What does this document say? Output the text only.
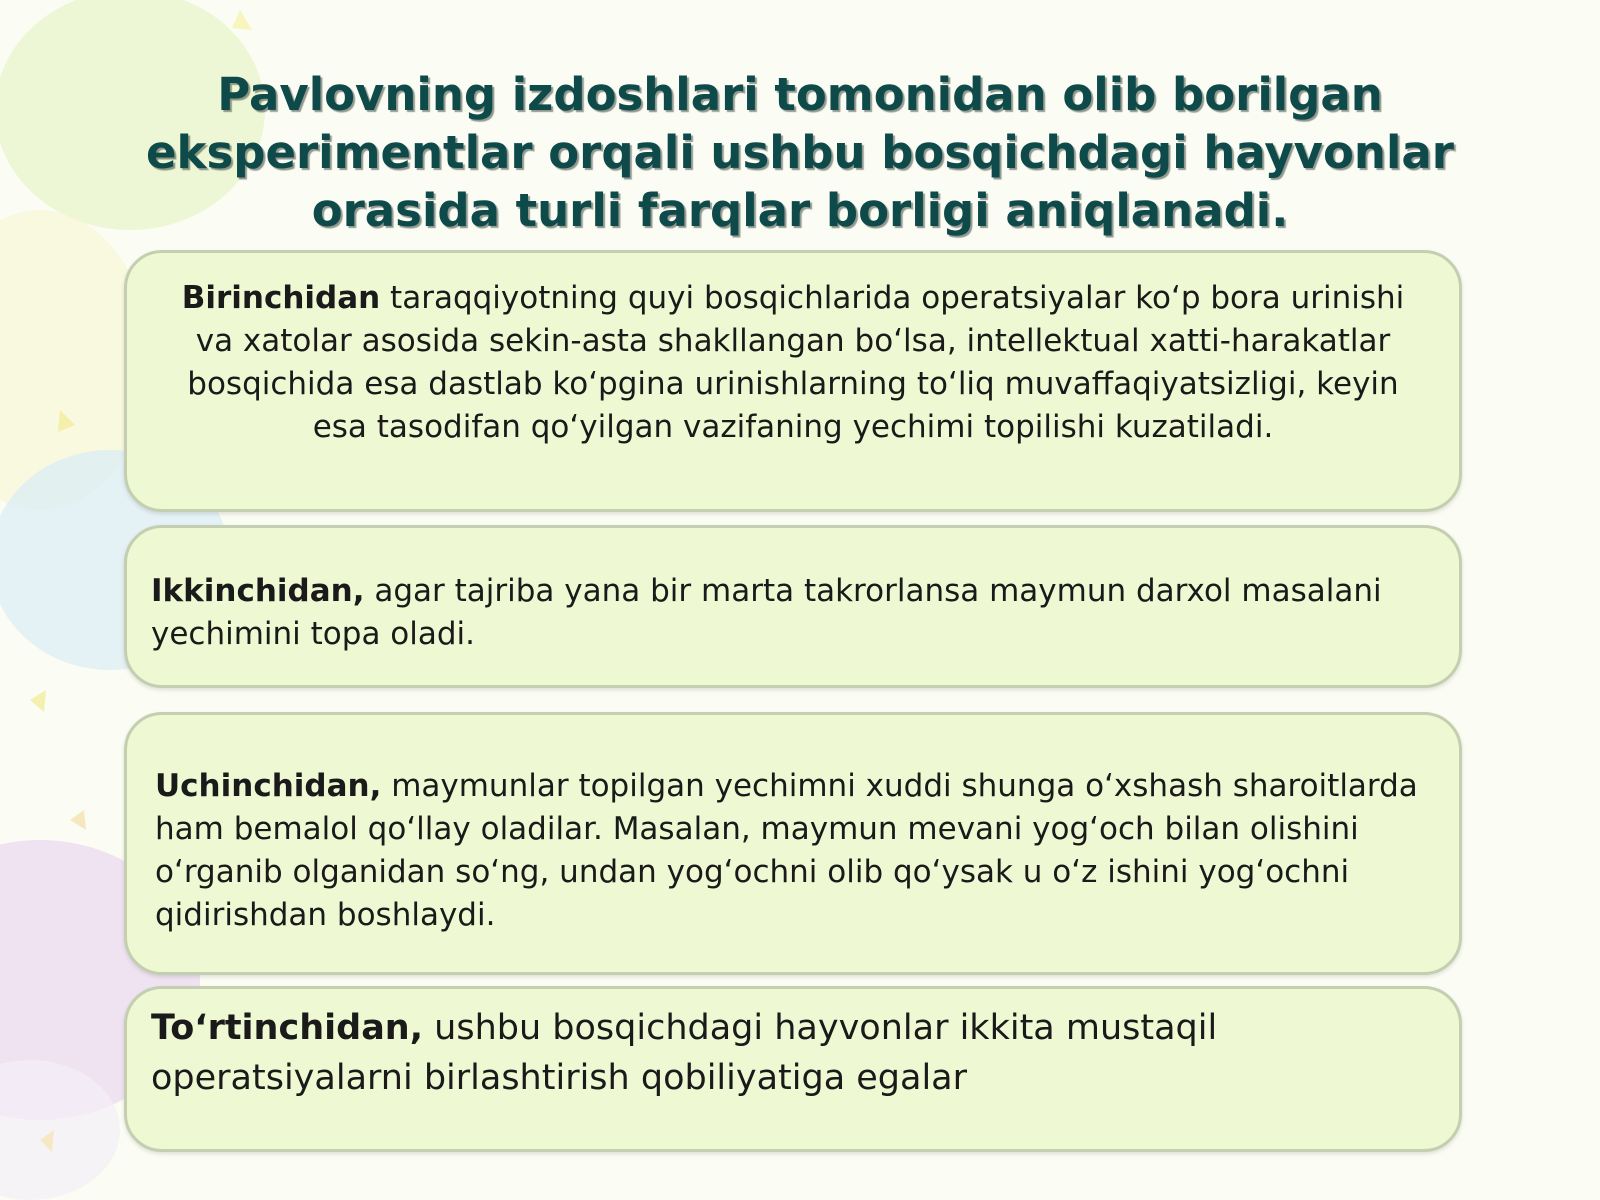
Pavlovning izdoshlari tomonidan olib borilgan eksperimentlar orqali ushbu bosqichdagi hayvonlar orasida turli farqlar borligi aniqlanadi.
Birinchidan taraqqiyotning quyi bosqichlarida operatsiyalar ko‘p bora urinishi va xatolar asosida sekin-asta shakllangan bo‘lsa, intellektual xatti-harakatlar bosqichida esa dastlab ko‘pgina urinishlarning to‘liq muvaffaqiyatsizligi, keyin esa tasodifan qo‘yilgan vazifaning yechimi topilishi kuzatiladi.
Ikkinchidan, agar tajriba yana bir marta takrorlansa maymun darxol masalani yechimini topa oladi.
Uchinchidan, maymunlar topilgan yechimni xuddi shunga o‘xshash sharoitlarda ham bemalol qo‘llay oladilar. Masalan, maymun mevani yog‘och bilan olishini o‘rganib olganidan so‘ng, undan yog‘ochni olib qo‘ysak u o‘z ishini yog‘ochni qidirishdan boshlaydi.
To‘rtinchidan, ushbu bosqichdagi hayvonlar ikkita mustaqil operatsiyalarni birlashtirish qobiliyatiga egalar
